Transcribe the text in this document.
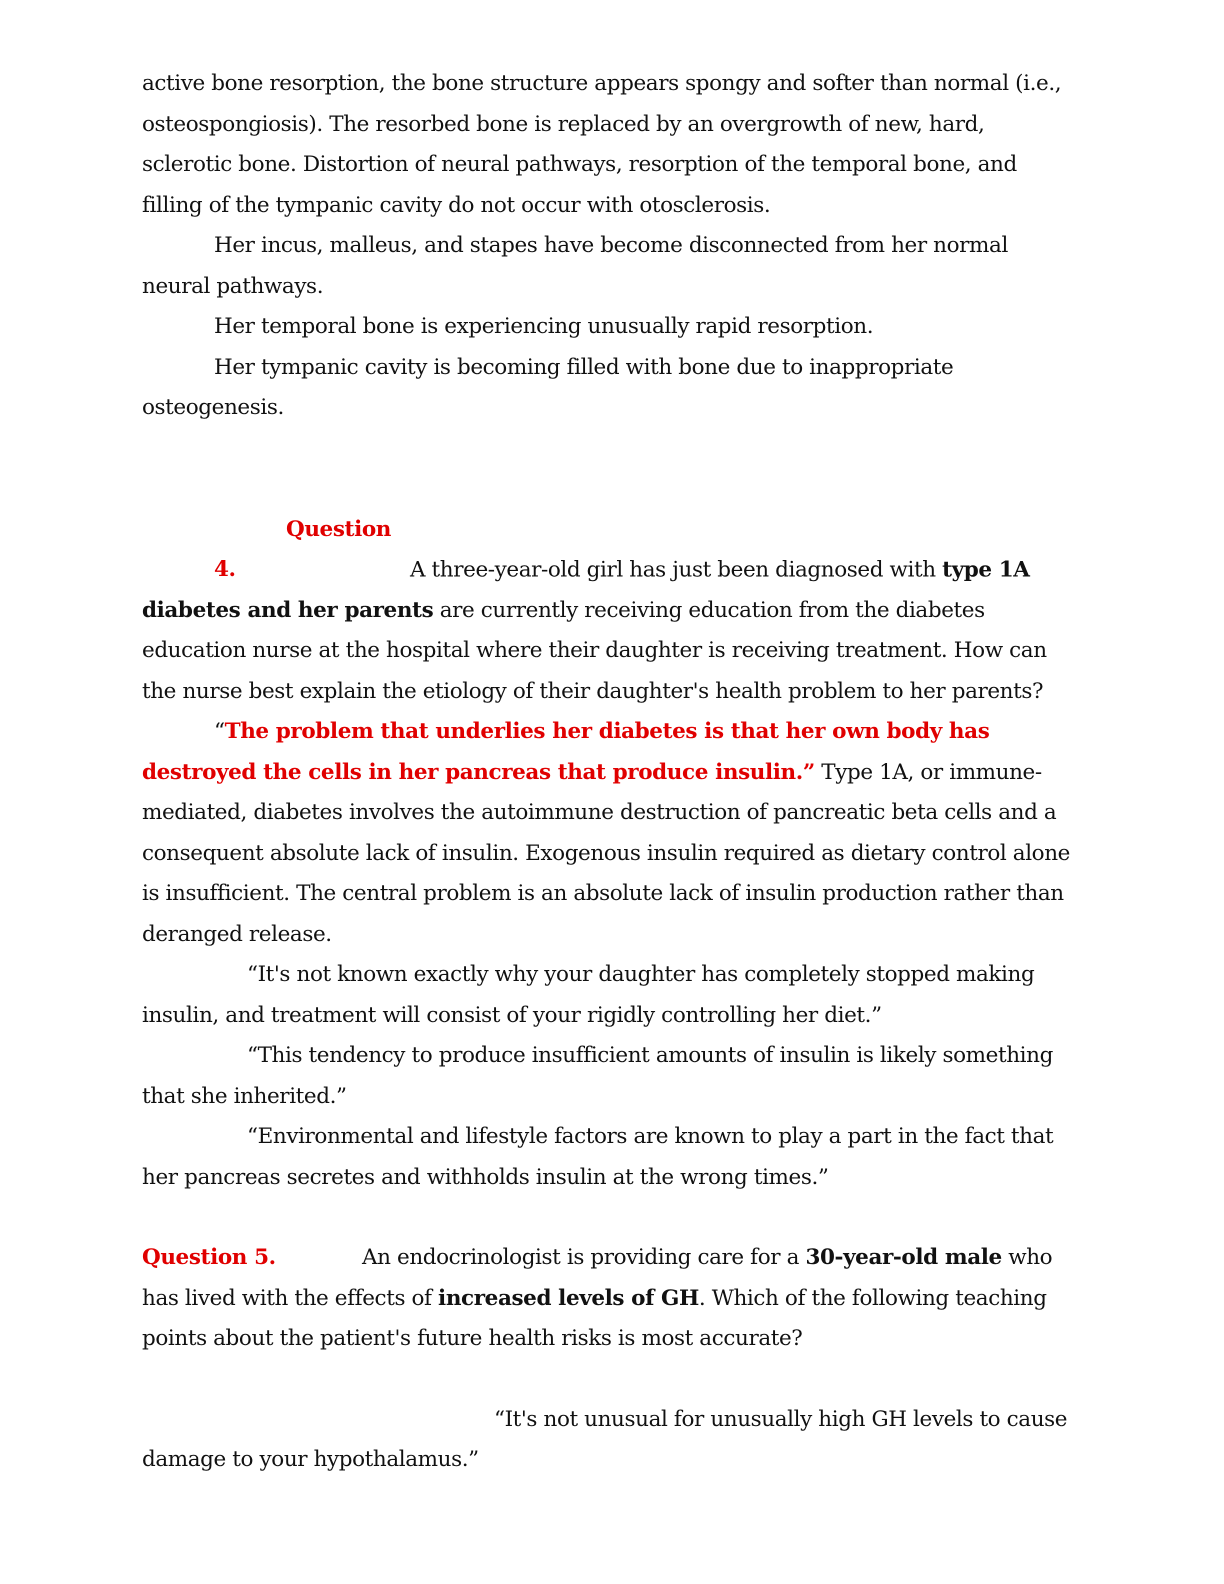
active bone resorption, the bone structure appears spongy and softer than normal (i.e., osteospongiosis). The resorbed bone is replaced by an overgrowth of new, hard, sclerotic bone. Distortion of neural pathways, resorption of the temporal bone, and filling of the tympanic cavity do not occur with otosclerosis.

Her incus, malleus, and stapes have become disconnected from her normal neural pathways.

Her temporal bone is experiencing unusually rapid resorption.

Her tympanic cavity is becoming filled with bone due to inappropriate osteogenesis.

Question 4.	A three-year-old girl has just been diagnosed with type 1A diabetes and her parents are currently receiving education from the diabetes education nurse at the hospital where their daughter is receiving treatment. How can the nurse best explain the etiology of their daughter's health problem to her parents?

“The problem that underlies her diabetes is that her own body has destroyed the cells in her pancreas that produce insulin.” Type 1A, or immune-mediated, diabetes involves the autoimmune destruction of pancreatic beta cells and a consequent absolute lack of insulin. Exogenous insulin required as dietary control alone is insufficient. The central problem is an absolute lack of insulin production rather than deranged release.

“It's not known exactly why your daughter has completely stopped making insulin, and treatment will consist of your rigidly controlling her diet.”

“This tendency to produce insufficient amounts of insulin is likely something that she inherited.”

“Environmental and lifestyle factors are known to play a part in the fact that her pancreas secretes and withholds insulin at the wrong times.”

Question 5.	An endocrinologist is providing care for a 30-year-old male who has lived with the effects of increased levels of GH. Which of the following teaching points about the patient's future health risks is most accurate?

“It's not unusual for unusually high GH levels to cause damage to your hypothalamus.”
